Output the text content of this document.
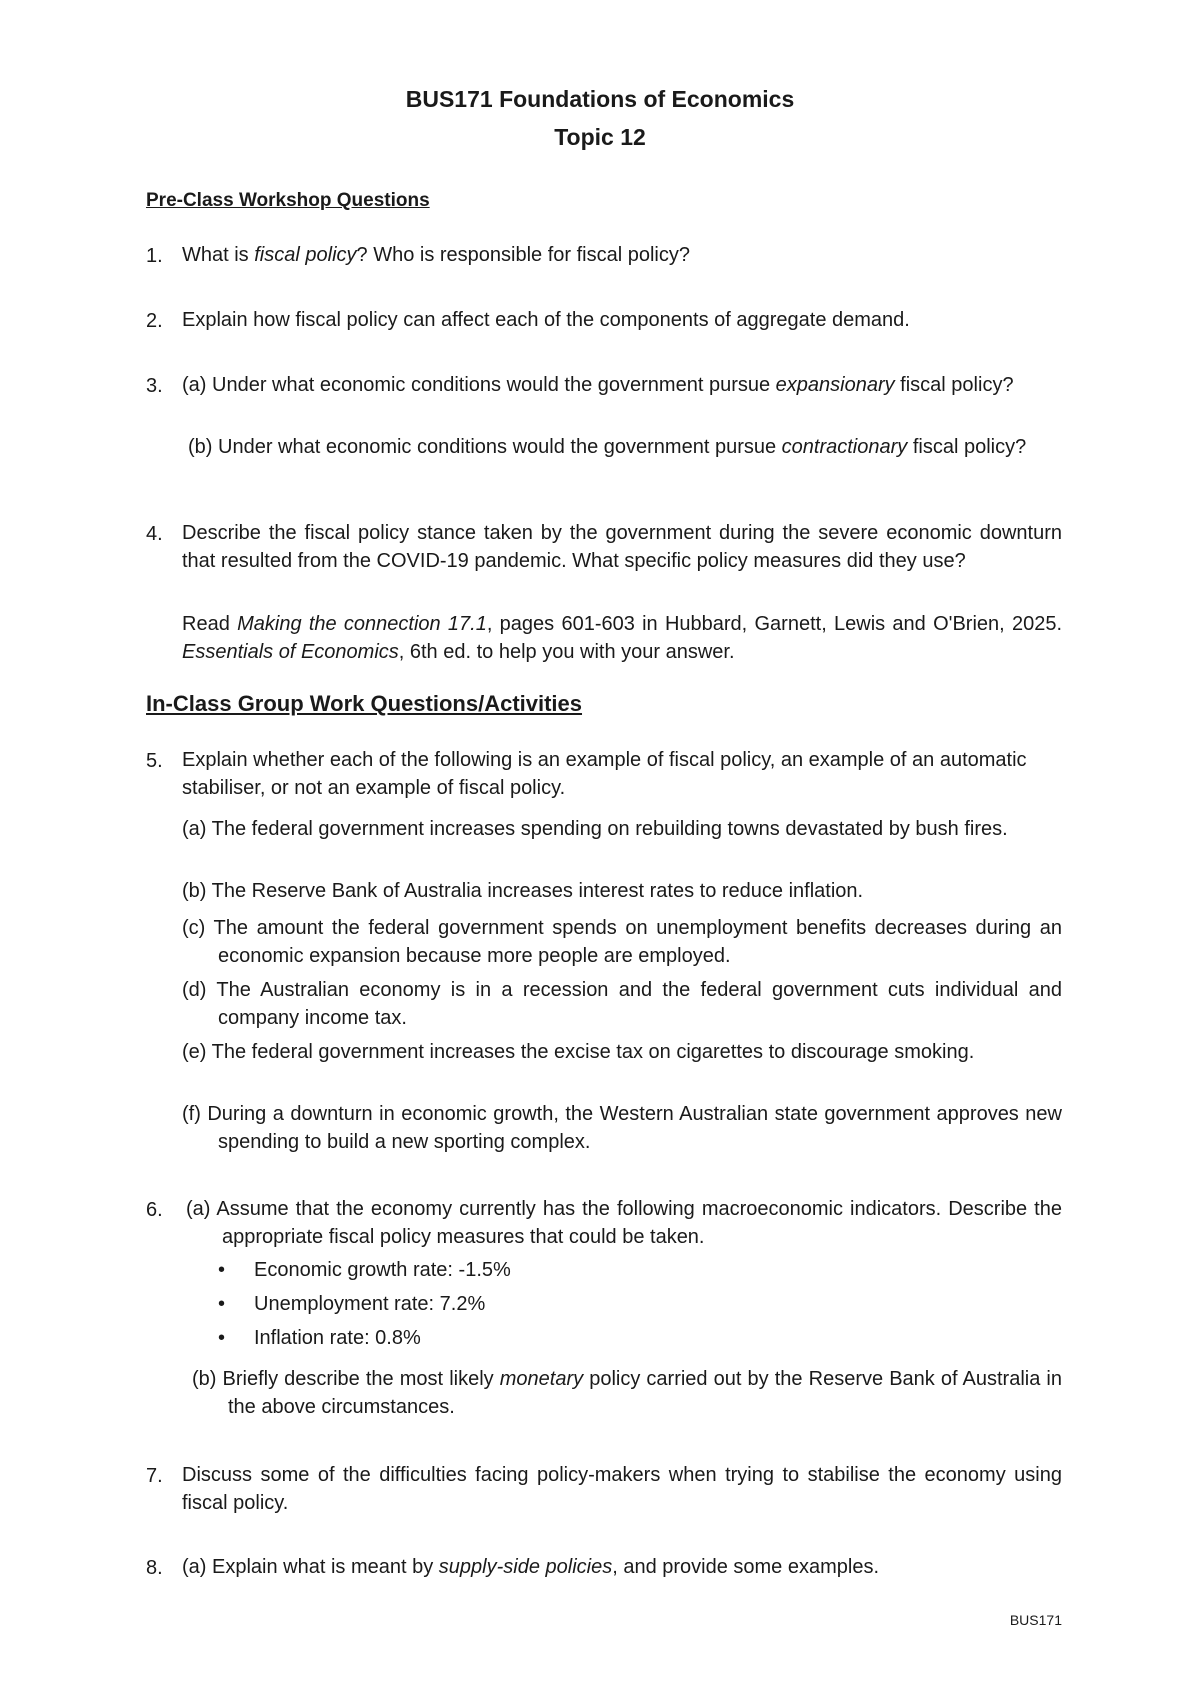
BUS171 Foundations of Economics
Topic 12
Pre-Class Workshop Questions
1. What is fiscal policy? Who is responsible for fiscal policy?
2. Explain how fiscal policy can affect each of the components of aggregate demand.
3. (a) Under what economic conditions would the government pursue expansionary fiscal policy?
(b) Under what economic conditions would the government pursue contractionary fiscal policy?
4. Describe the fiscal policy stance taken by the government during the severe economic downturn that resulted from the COVID-19 pandemic. What specific policy measures did they use?
Read Making the connection 17.1, pages 601-603 in Hubbard, Garnett, Lewis and O'Brien, 2025. Essentials of Economics, 6th ed. to help you with your answer.
In-Class Group Work Questions/Activities
5. Explain whether each of the following is an example of fiscal policy, an example of an automatic stabiliser, or not an example of fiscal policy.
(a) The federal government increases spending on rebuilding towns devastated by bush fires.
(b) The Reserve Bank of Australia increases interest rates to reduce inflation.
(c) The amount the federal government spends on unemployment benefits decreases during an economic expansion because more people are employed.
(d) The Australian economy is in a recession and the federal government cuts individual and company income tax.
(e) The federal government increases the excise tax on cigarettes to discourage smoking.
(f) During a downturn in economic growth, the Western Australian state government approves new spending to build a new sporting complex.
6. (a) Assume that the economy currently has the following macroeconomic indicators. Describe the appropriate fiscal policy measures that could be taken.
• Economic growth rate: -1.5%
• Unemployment rate: 7.2%
• Inflation rate: 0.8%
(b) Briefly describe the most likely monetary policy carried out by the Reserve Bank of Australia in the above circumstances.
7. Discuss some of the difficulties facing policy-makers when trying to stabilise the economy using fiscal policy.
8. (a) Explain what is meant by supply-side policies, and provide some examples.
BUS171
